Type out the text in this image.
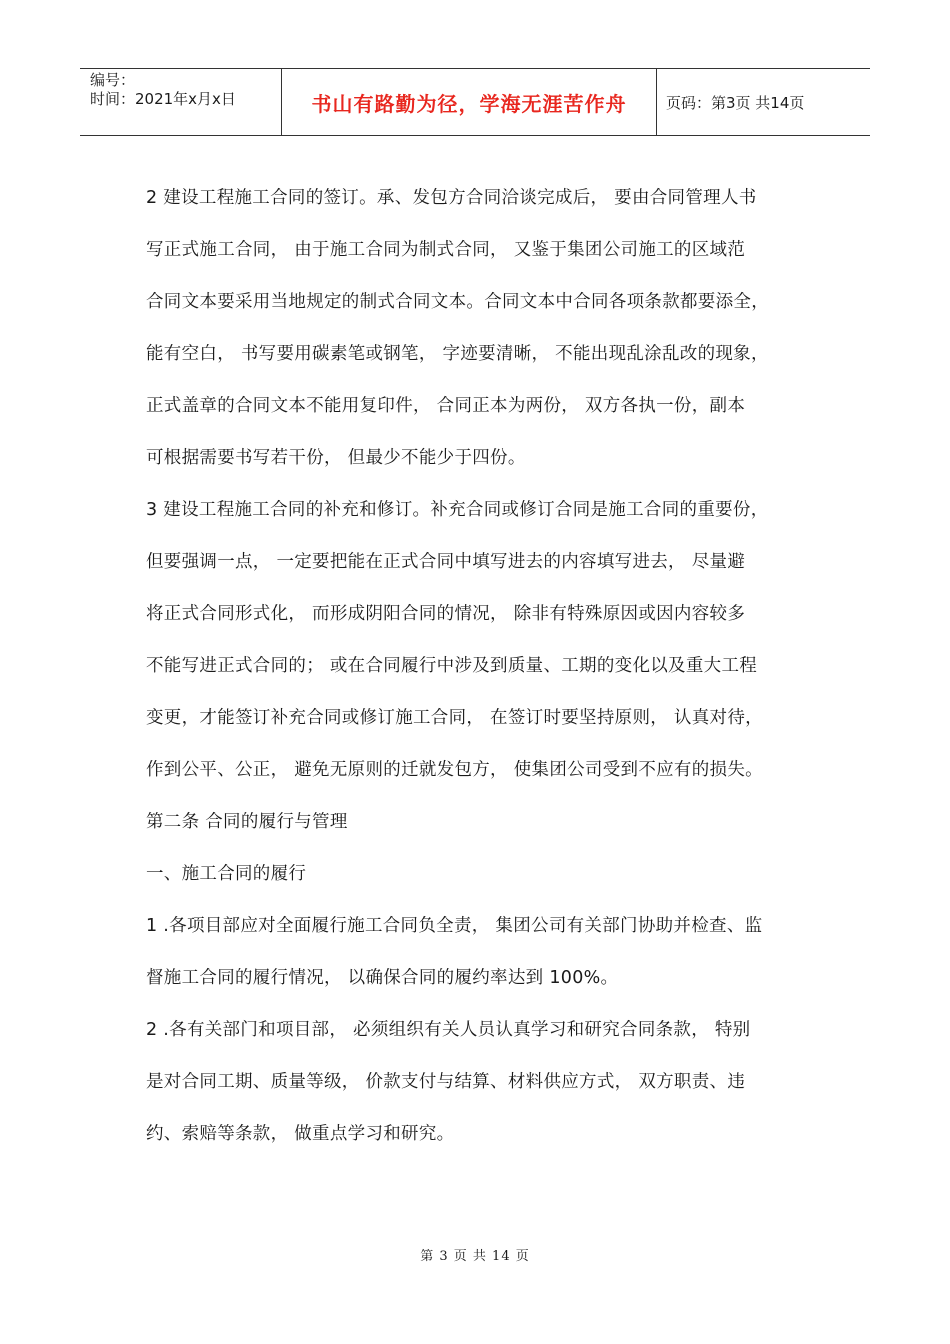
编号：
时间：2021年x月x日	书山有路勤为径，学海无涯苦作舟	页码：第3页 共14页

2 建设工程施工合同的签订。承、发包方合同洽谈完成后， 要由合同管理人书

写正式施工合同， 由于施工合同为制式合同， 又鉴于集团公司施工的区域范

合同文本要采用当地规定的制式合同文本。合同文本中合同各项条款都要添全，

能有空白， 书写要用碳素笔或钢笔， 字迹要清晰， 不能出现乱涂乱改的现象，

正式盖章的合同文本不能用复印件， 合同正本为两份， 双方各执一份，副本

可根据需要书写若干份， 但最少不能少于四份。

3 建设工程施工合同的补充和修订。补充合同或修订合同是施工合同的重要份，

但要强调一点， 一定要把能在正式合同中填写进去的内容填写进去， 尽量避

将正式合同形式化， 而形成阴阳合同的情况， 除非有特殊原因或因内容较多

不能写进正式合同的； 或在合同履行中涉及到质量、工期的变化以及重大工程

变更，才能签订补充合同或修订施工合同， 在签订时要坚持原则， 认真对待，

作到公平、公正， 避免无原则的迁就发包方， 使集团公司受到不应有的损失。

第二条 合同的履行与管理

一、施工合同的履行

1 .各项目部应对全面履行施工合同负全责， 集团公司有关部门协助并检查、监

督施工合同的履行情况， 以确保合同的履约率达到 100%。

2 .各有关部门和项目部， 必须组织有关人员认真学习和研究合同条款， 特别

是对合同工期、质量等级， 价款支付与结算、材料供应方式， 双方职责、违

约、索赔等条款， 做重点学习和研究。

第 3 页 共 14 页
